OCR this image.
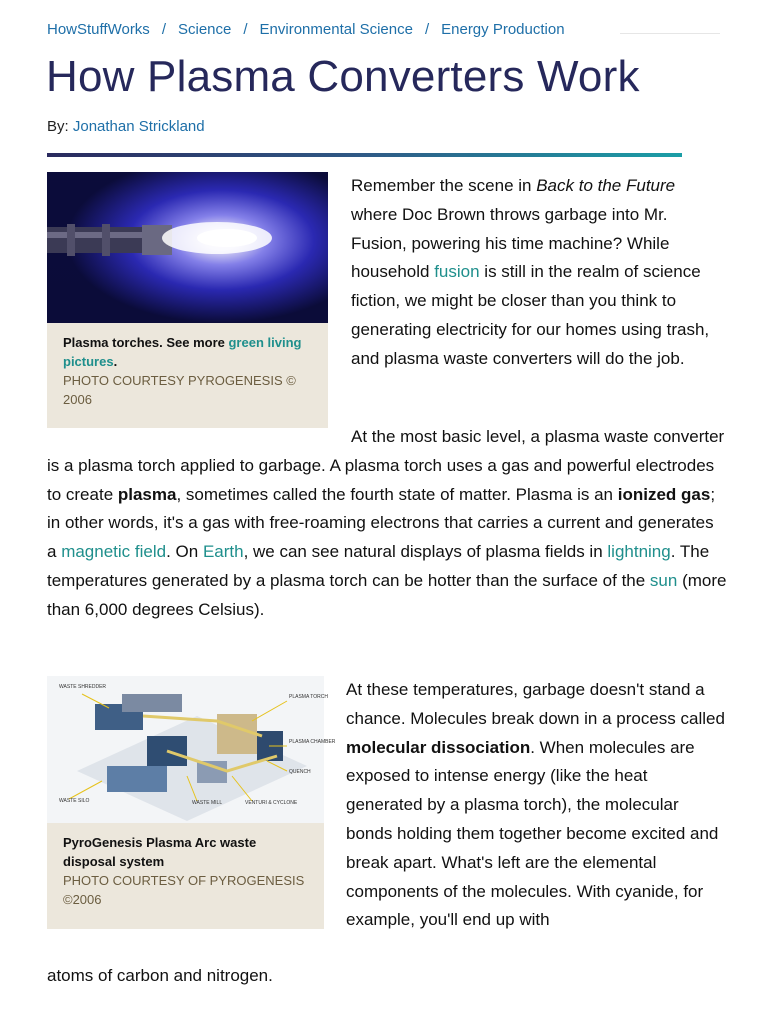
HowStuffWorks / Science / Environmental Science / Energy Production
How Plasma Converters Work
By: Jonathan Strickland
Plasma torches. See more green living pictures.
PHOTO COURTESY PYROGENESIS © 2006

Remember the scene in Back to the Future where Doc Brown throws garbage into Mr. Fusion, powering his time machine? While household fusion is still in the realm of science fiction, we might be closer than you think to generating electricity for our homes using trash, and plasma waste converters will do the job.

At the most basic level, a plasma waste converter is a plasma torch applied to garbage. A plasma torch uses a gas and powerful electrodes to create plasma, sometimes called the fourth state of matter. Plasma is an ionized gas; in other words, it's a gas with free-roaming electrons that carries a current and generates a magnetic field. On Earth, we can see natural displays of plasma fields in lightning. The temperatures generated by a plasma torch can be hotter than the surface of the sun (more than 6,000 degrees Celsius).

WASTE SHREDDER
PLASMA TORCH
PLASMA CHAMBER
QUENCH
WASTE SILO	WASTE MILL	VENTURI & CYCLONE
PyroGenesis Plasma Arc waste disposal system
PHOTO COURTESY OF PYROGENESIS ©2006

At these temperatures, garbage doesn't stand a chance. Molecules break down in a process called molecular dissociation. When molecules are exposed to intense energy (like the heat generated by a plasma torch), the molecular bonds holding them together become excited and break apart. What's left are the elemental components of the molecules. With cyanide, for example, you'll end up with

atoms of carbon and nitrogen.
